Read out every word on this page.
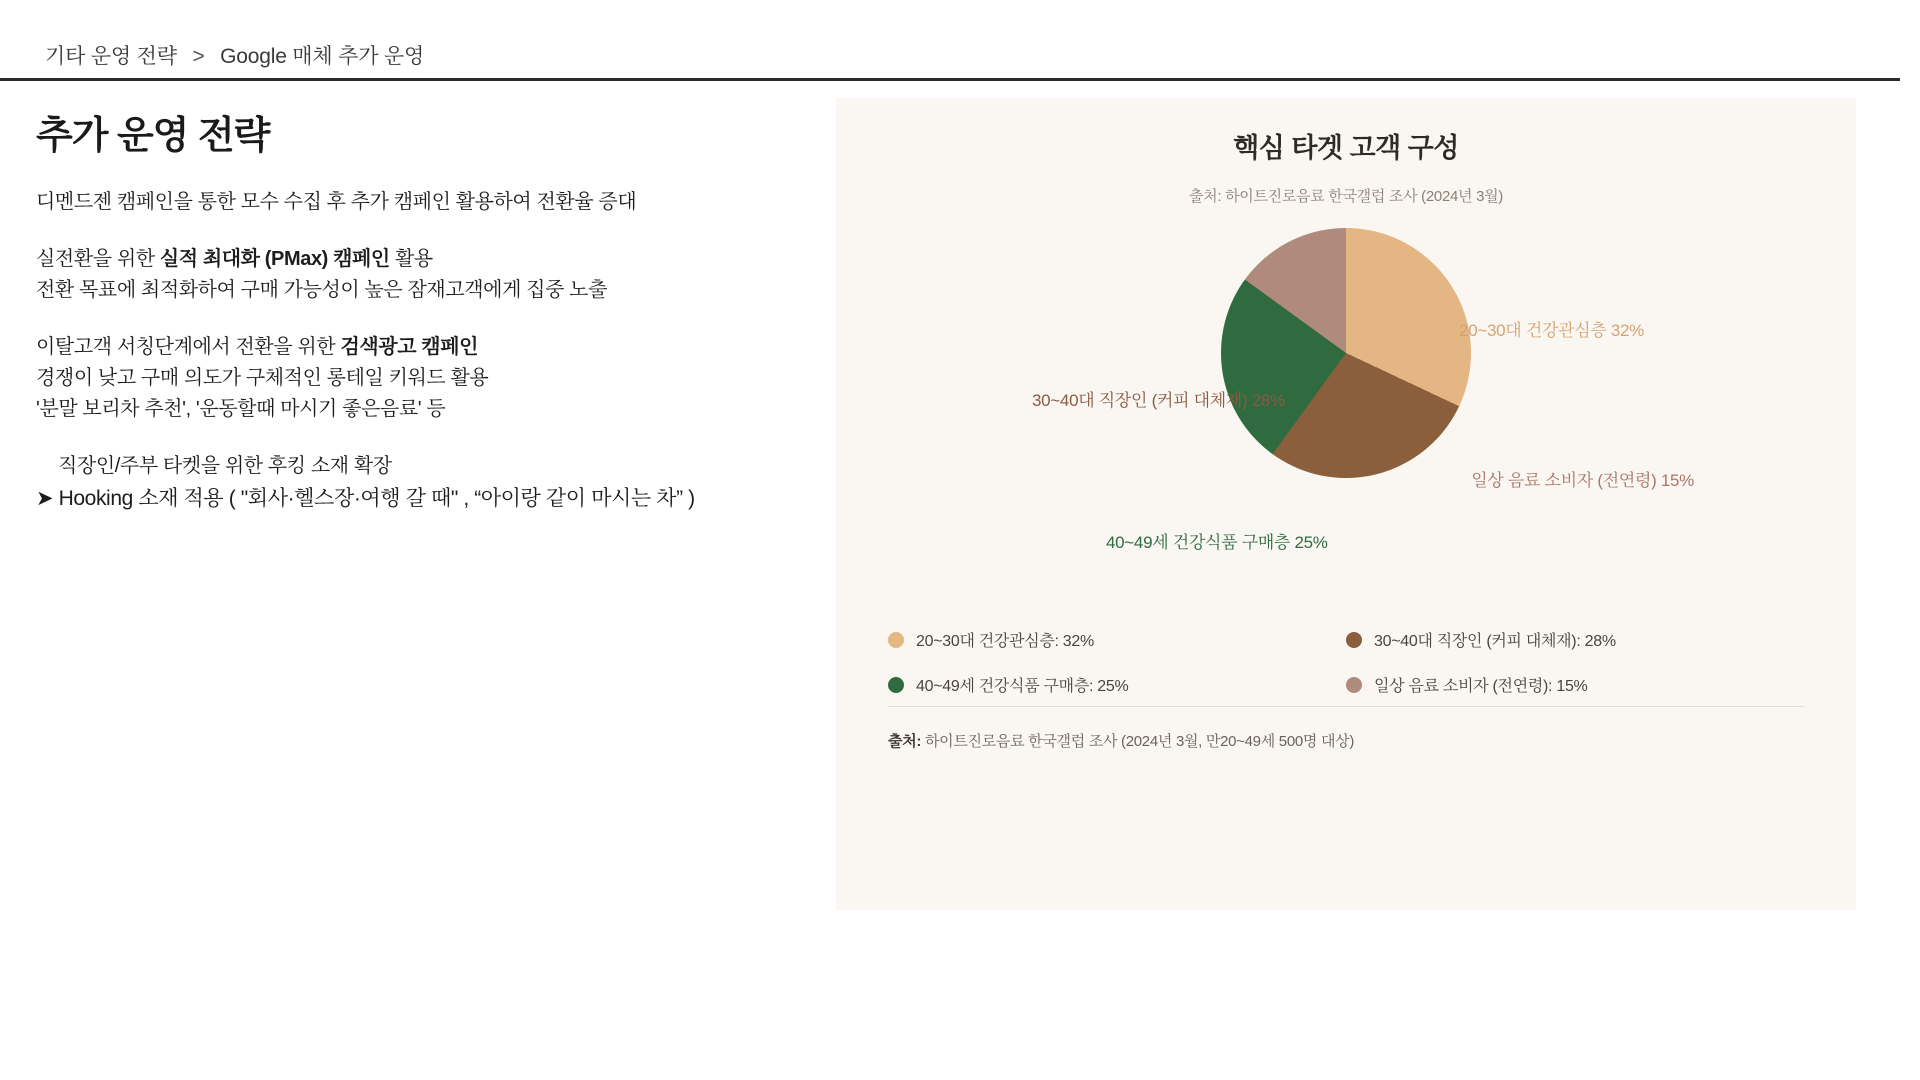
기타 운영 전략 > Google 매체 추가 운영
추가 운영 전략
디멘드젠 캠페인을 통한 모수 수집 후 추가 캠페인 활용하여 전환율 증대
실전환을 위한 실적 최대화 (PMax) 캠페인 활용
전환 목표에 최적화하여 구매 가능성이 높은 잠재고객에게 집중 노출
이탈고객 서칭단계에서 전환을 위한 검색광고 캠페인
경쟁이 낮고 구매 의도가 구체적인 롱테일 키워드 활용
'분말 보리차 추천', '운동할때 마시기 좋은음료' 등
직장인/주부 타켓을 위한 후킹 소재 확장
➤ Hooking 소재 적용 ( "회사·헬스장·여행 갈 때" , “아이랑 같이 마시는 차” )
핵심 타겟 고객 구성
출처: 하이트진로음료 한국갤럽 조사 (2024년 3월)
20~30대 건강관심층 32%
30~40대 직장인 (커피 대체재) 28%
40~49세 건강식품 구매층 25%
일상 음료 소비자 (전연령) 15%
20~30대 건강관심층: 32%	30~40대 직장인 (커피 대체재): 28%
40~49세 건강식품 구매층: 25%	일상 음료 소비자 (전연령): 15%
출처: 하이트진로음료 한국갤럽 조사 (2024년 3월, 만20~49세 500명 대상)
